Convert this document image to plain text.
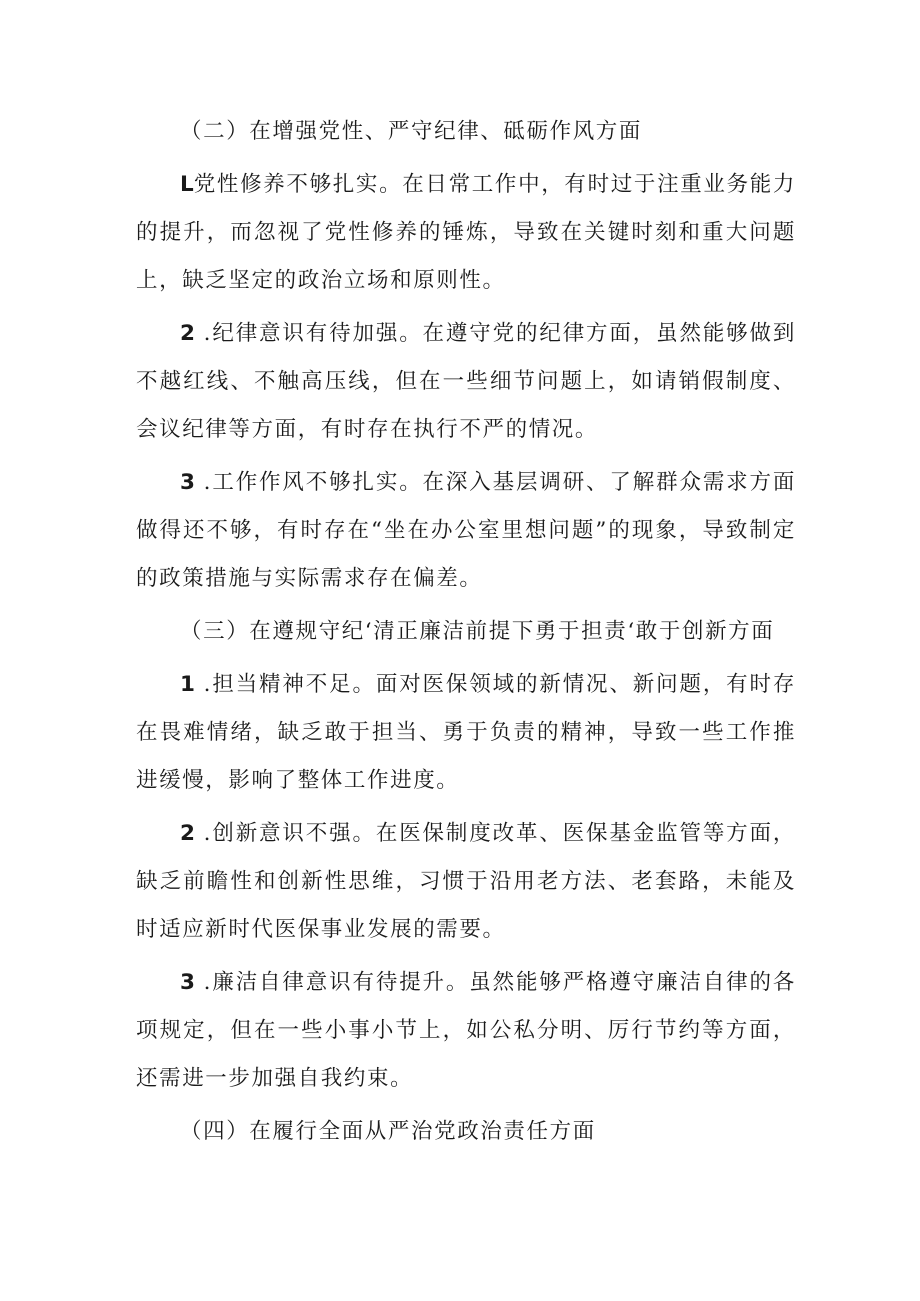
（二）在增强党性、严守纪律、砥砺作风方面

L党性修养不够扎实。在日常工作中，有时过于注重业务能力的提升，而忽视了党性修养的锤炼，导致在关键时刻和重大问题上，缺乏坚定的政治立场和原则性。

2 .纪律意识有待加强。在遵守党的纪律方面，虽然能够做到不越红线、不触高压线，但在一些细节问题上，如请销假制度、会议纪律等方面，有时存在执行不严的情况。

3 .工作作风不够扎实。在深入基层调研、了解群众需求方面做得还不够，有时存在“坐在办公室里想问题”的现象，导致制定的政策措施与实际需求存在偏差。

（三）在遵规守纪‘清正廉洁前提下勇于担责‘敢于创新方面

1 .担当精神不足。面对医保领域的新情况、新问题，有时存在畏难情绪，缺乏敢于担当、勇于负责的精神，导致一些工作推进缓慢，影响了整体工作进度。

2 .创新意识不强。在医保制度改革、医保基金监管等方面，缺乏前瞻性和创新性思维，习惯于沿用老方法、老套路，未能及时适应新时代医保事业发展的需要。

3 .廉洁自律意识有待提升。虽然能够严格遵守廉洁自律的各项规定，但在一些小事小节上，如公私分明、厉行节约等方面，还需进一步加强自我约束。

（四）在履行全面从严治党政治责任方面
